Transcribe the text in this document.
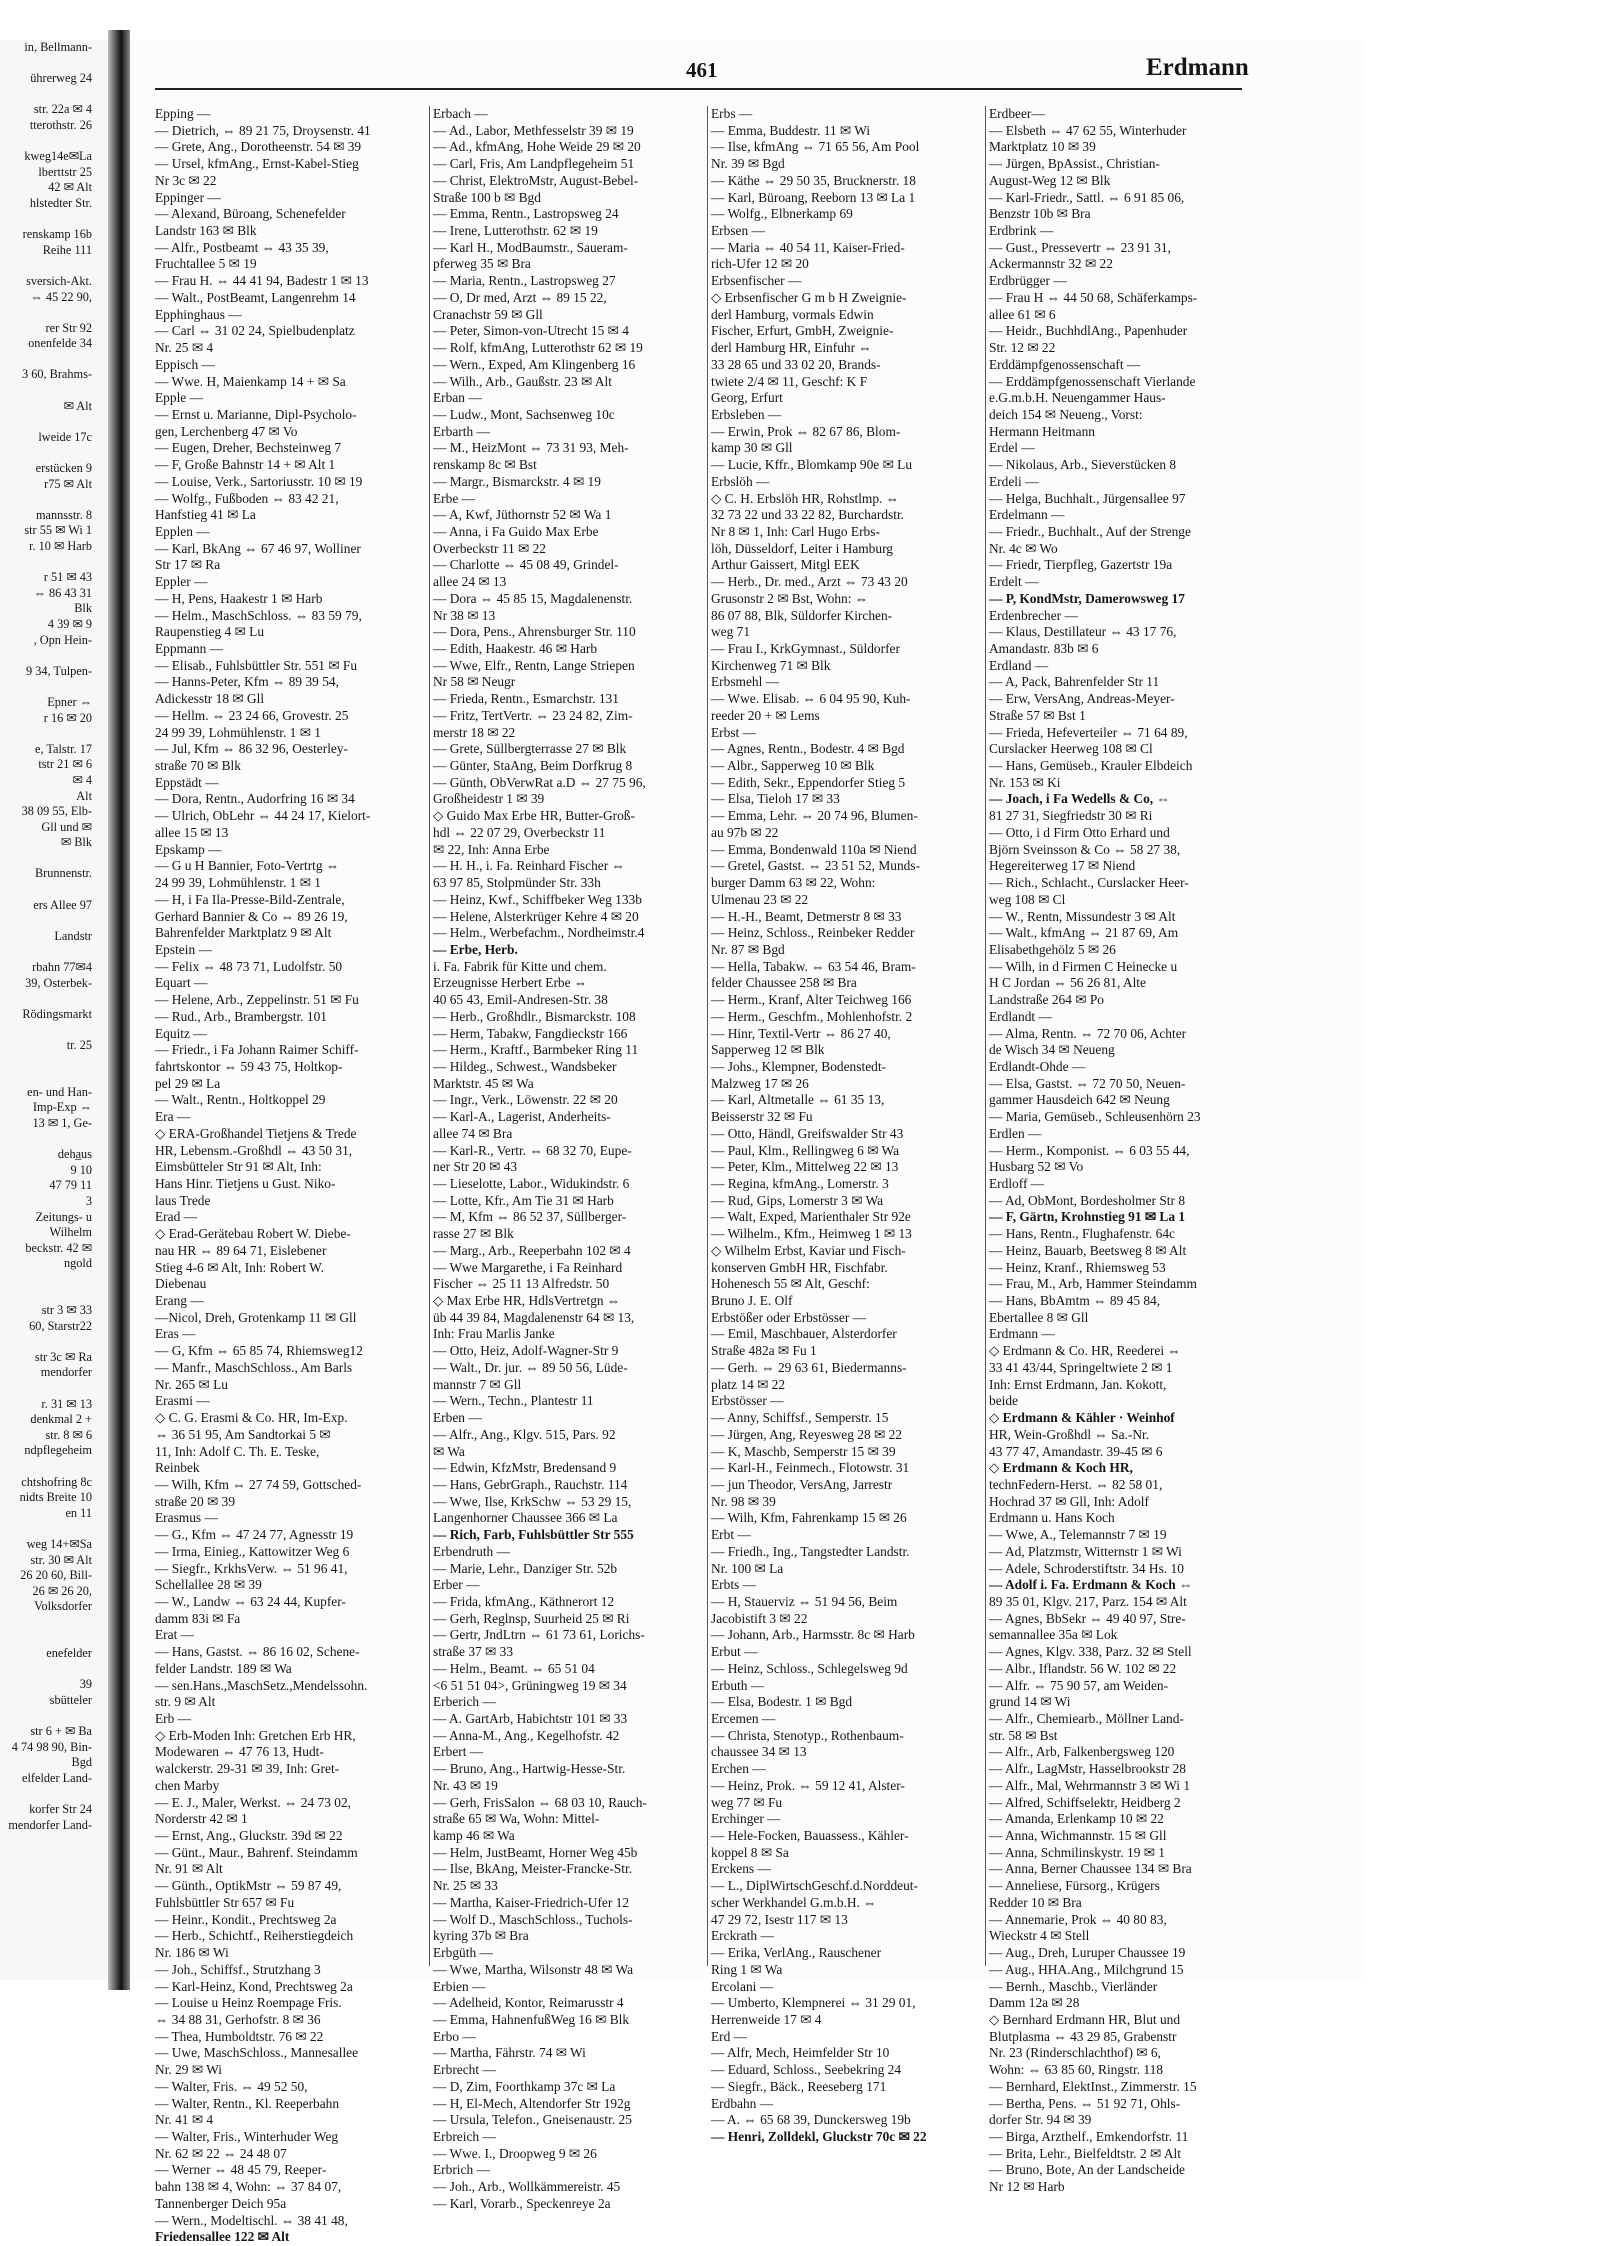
in, Bellmann-

ührerweg 24

str. 22a ✉ 4
tterothstr. 26

kweg14e✉La
lberttstr 25
42 ✉ Alt
hlstedter Str.

renskamp 16b
Reihe 111

sversich-Akt.
⇔ 45 22 90,

rer Str 92
onenfelde 34

3 60, Brahms-

✉ Alt

lweide 17c

erstücken 9
r75 ✉ Alt

mannsstr. 8
str 55 ✉ Wi 1
r. 10 ✉ Harb

r 51 ✉ 43
⇔ 86 43 31
Blk
4 39 ✉ 9
, Opn Hein-

9 34, Tulpen-

Epner ⇔
r 16 ✉ 20

e, Talstr. 17
tstr 21 ✉ 6
✉ 4
Alt
38 09 55, Elb-
Gll und ✉
✉ Blk

Brunnenstr.

ers Allee 97

Landstr

rbahn 77✉4
39, Osterbek-

Rödingsmarkt

tr. 25

en- und Han-
Imp-Exp ⇔
13 ✉ 1, Ge-

deha̲us
9 10
47 79 11
3
Zeitungs- u
Wilhelm
beckstr. 42 ✉
ngold

str 3 ✉ 33
60, Starstr22

str 3c ✉ Ra
mendorfer

r. 31 ✉ 13
denkmal 2 +
str. 8 ✉ 6
ndpflegeheim

chtshofring 8c
nidts Breite 10
en 11

weg 14+✉Sa
str. 30 ✉ Alt
26 20 60, Bill-
26 ✉ 26 20,
Volksdorfer

enefelder

39
sbütteler

str 6 + ✉ Ba
4 74 98 90, Bin-
Bgd
elfelder Land-

korfer Str 24
mendorfer Land-
461	Erdmann
Epping —
— Dietrich, ⇔ 89 21 75, Droysenstr. 41
— Grete, Ang., Dorotheenstr. 54 ✉ 39
— Ursel, kfmAng., Ernst-Kabel-Stieg
Nr 3c ✉ 22
Eppinger —
— Alexand, Büroang, Schenefelder
Landstr 163 ✉ Blk
— Alfr., Postbeamt ⇔ 43 35 39,
Fruchtallee 5 ✉ 19
— Frau H. ⇔ 44 41 94, Badestr 1 ✉ 13
— Walt., PostBeamt, Langenrehm 14
Epphinghaus —
— Carl ⇔ 31 02 24, Spielbudenplatz
Nr. 25 ✉ 4
Eppisch —
— Wwe. H, Maienkamp 14 + ✉ Sa
Epple —
— Ernst u. Marianne, Dipl-Psycholo-
gen, Lerchenberg 47 ✉ Vo
— Eugen, Dreher, Bechsteinweg 7
— F, Große Bahnstr 14 + ✉ Alt 1
— Louise, Verk., Sartoriusstr. 10 ✉ 19
— Wolfg., Fußboden ⇔ 83 42 21,
Hanfstieg 41 ✉ La
Epplen —
— Karl, BkAng ⇔ 67 46 97, Wolliner
Str 17 ✉ Ra
Eppler —
— H, Pens, Haakestr 1 ✉ Harb
— Helm., MaschSchloss. ⇔ 83 59 79,
Raupenstieg 4 ✉ Lu
Eppmann —
— Elisab., Fuhlsbüttler Str. 551 ✉ Fu
— Hanns-Peter, Kfm ⇔ 89 39 54,
Adickesstr 18 ✉ Gll
— Hellm. ⇔ 23 24 66, Grovestr. 25
24 99 39, Lohmühlenstr. 1 ✉ 1
— Jul, Kfm ⇔ 86 32 96, Oesterley-
straße 70 ✉ Blk
Eppstädt —
— Dora, Rentn., Audorfring 16 ✉ 34
— Ulrich, ObLehr ⇔ 44 24 17, Kielort-
allee 15 ✉ 13
Epskamp —
— G u H Bannier, Foto-Vertrtg ⇔
24 99 39, Lohmühlenstr. 1 ✉ 1
— H, i Fa Ila-Presse-Bild-Zentrale,
Gerhard Bannier & Co ⇔ 89 26 19,
Bahrenfelder Marktplatz 9 ✉ Alt
Epstein —
— Felix ⇔ 48 73 71, Ludolfstr. 50
Equart —
— Helene, Arb., Zeppelinstr. 51 ✉ Fu
— Rud., Arb., Brambergstr. 101
Equitz —
— Friedr., i Fa Johann Raimer Schiff-
fahrtskontor ⇔ 59 43 75, Holtkop-
pel 29 ✉ La
— Walt., Rentn., Holtkoppel 29
Era —
◇ ERA-Großhandel Tietjens & Trede
HR, Lebensm.-Großhdl ⇔ 43 50 31,
Eimsbütteler Str 91 ✉ Alt, Inh:
Hans Hinr. Tietjens u Gust. Niko-
laus Trede
Erad —
◇ Erad-Gerätebau Robert W. Diebe-
nau HR ⇔ 89 64 71, Eislebener
Stieg 4-6 ✉ Alt, Inh: Robert W.
Diebenau
Erang —
—Nicol, Dreh, Grotenkamp 11 ✉ Gll
Eras —
— G, Kfm ⇔ 65 85 74, Rhiemsweg12
— Manfr., MaschSchloss., Am Barls
Nr. 265 ✉ Lu
Erasmi —
◇ C. G. Erasmi & Co. HR, Im-Exp.
⇔ 36 51 95, Am Sandtorkai 5 ✉
11, Inh: Adolf C. Th. E. Teske,
Reinbek
— Wilh, Kfm ⇔ 27 74 59, Gottsched-
straße 20 ✉ 39
Erasmus —
— G., Kfm ⇔ 47 24 77, Agnesstr 19
— Irma, Einieg., Kattowitzer Weg 6
— Siegfr., KrkhsVerw. ⇔ 51 96 41,
Schellallee 28 ✉ 39
— W., Landw ⇔ 63 24 44, Kupfer-
damm 83i ✉ Fa
Erat —
— Hans, Gastst. ⇔ 86 16 02, Schene-
felder Landstr. 189 ✉ Wa
— sen.Hans.,MaschSetz.,Mendelssohn.
str. 9 ✉ Alt
Erb —
◇ Erb-Moden Inh: Gretchen Erb HR,
Modewaren ⇔ 47 76 13, Hudt-
walckerstr. 29-31 ✉ 39, Inh: Gret-
chen Marby
— E. J., Maler, Werkst. ⇔ 24 73 02,
Norderstr 42 ✉ 1
— Ernst, Ang., Gluckstr. 39d ✉ 22
— Günt., Maur., Bahrenf. Steindamm
Nr. 91 ✉ Alt
— Günth., OptikMstr ⇔ 59 87 49,
Fuhlsbüttler Str 657 ✉ Fu
— Heinr., Kondit., Prechtsweg 2a
— Herb., Schichtf., Reiherstiegdeich
Nr. 186 ✉ Wi
— Joh., Schiffsf., Strutzhang 3
— Karl-Heinz, Kond, Prechtsweg 2a
— Louise u Heinz Roempage Fris.
⇔ 34 88 31, Gerhofstr. 8 ✉ 36
— Thea, Humboldtstr. 76 ✉ 22
— Uwe, MaschSchloss., Mannesallee
Nr. 29 ✉ Wi
— Walter, Fris. ⇔ 49 52 50,
— Walter, Rentn., Kl. Reeperbahn
Nr. 41 ✉ 4
— Walter, Fris., Winterhuder Weg
Nr. 62 ✉ 22 ⇔ 24 48 07
— Werner ⇔ 48 45 79, Reeper-
bahn 138 ✉ 4, Wohn: ⇔ 37 84 07,
Tannenberger Deich 95a
— Wern., Modeltischl. ⇔ 38 41 48,
Friedensallee 122 ✉ Alt
Erbach —
— Ad., Labor, Methfesselstr 39 ✉ 19
— Ad., kfmAng, Hohe Weide 29 ✉ 20
— Carl, Fris, Am Landpflegeheim 51
— Christ, ElektroMstr, August-Bebel-
Straße 100 b ✉ Bgd
— Emma, Rentn., Lastropsweg 24
— Irene, Lutterothstr. 62 ✉ 19
— Karl H., ModBaumstr., Saueram-
pferweg 35 ✉ Bra
— Maria, Rentn., Lastropsweg 27
— O, Dr med, Arzt ⇔ 89 15 22,
Cranachstr 59 ✉ Gll
— Peter, Simon-von-Utrecht 15 ✉ 4
— Rolf, kfmAng, Lutterothstr 62 ✉ 19
— Wern., Exped, Am Klingenberg 16
— Wilh., Arb., Gaußstr. 23 ✉ Alt
Erban —
— Ludw., Mont, Sachsenweg 10c
Erbarth —
— M., HeizMont ⇔ 73 31 93, Meh-
renskamp 8c ✉ Bst
— Margr., Bismarckstr. 4 ✉ 19
Erbe —
— A, Kwf, Jüthornstr 52 ✉ Wa 1
— Anna, i Fa Guido Max Erbe
Overbeckstr 11 ✉ 22
— Charlotte ⇔ 45 08 49, Grindel-
allee 24 ✉ 13
— Dora ⇔ 45 85 15, Magdalenenstr.
Nr 38 ✉ 13
— Dora, Pens., Ahrensburger Str. 110
— Edith, Haakestr. 46 ✉ Harb
— Wwe, Elfr., Rentn, Lange Striepen
Nr 58 ✉ Neugr
— Frieda, Rentn., Esmarchstr. 131
— Fritz, TertVertr. ⇔ 23 24 82, Zim-
merstr 18 ✉ 22
— Grete, Süllbergterrasse 27 ✉ Blk
— Günter, StaAng, Beim Dorfkrug 8
— Günth, ObVerwRat a.D ⇔ 27 75 96,
Großheidestr 1 ✉ 39
◇ Guido Max Erbe HR, Butter-Groß-
hdl ⇔ 22 07 29, Overbeckstr 11
✉ 22, Inh: Anna Erbe
— H. H., i. Fa. Reinhard Fischer ⇔
63 97 85, Stolpmünder Str. 33h
— Heinz, Kwf., Schiffbeker Weg 133b
— Helene, Alsterkrüger Kehre 4 ✉ 20
— Helm., Werbefachm., Nordheimstr.4
— Erbe, Herb.
i. Fa. Fabrik für Kitte und chem.
Erzeugnisse Herbert Erbe ⇔
40 65 43, Emil-Andresen-Str. 38
— Herb., Großhdlr., Bismarckstr. 108
— Herm, Tabakw, Fangdieckstr 166
— Herm., Kraftf., Barmbeker Ring 11
— Hildeg., Schwest., Wandsbeker
Marktstr. 45 ✉ Wa
— Ingr., Verk., Löwenstr. 22 ✉ 20
— Karl-A., Lagerist, Anderheits-
allee 74 ✉ Bra
— Karl-R., Vertr. ⇔ 68 32 70, Eupe-
ner Str 20 ✉ 43
— Lieselotte, Labor., Widukindstr. 6
— Lotte, Kfr., Am Tie 31 ✉ Harb
— M, Kfm ⇔ 86 52 37, Süllberger-
rasse 27 ✉ Blk
— Marg., Arb., Reeperbahn 102 ✉ 4
— Wwe Margarethe, i Fa Reinhard
Fischer ⇔ 25 11 13 Alfredstr. 50
◇ Max Erbe HR, HdlsVertretgn ⇔
üb 44 39 84, Magdalenenstr 64 ✉ 13,
Inh: Frau Marlis Janke
— Otto, Heiz, Adolf-Wagner-Str 9
— Walt., Dr. jur. ⇔ 89 50 56, Lüde-
mannstr 7 ✉ Gll
— Wern., Techn., Plantestr 11
Erben —
— Alfr., Ang., Klgv. 515, Pars. 92
✉ Wa
— Edwin, KfzMstr, Bredensand 9
— Hans, GebrGraph., Rauchstr. 114
— Wwe, Ilse, KrkSchw ⇔ 53 29 15,
Langenhorner Chaussee 366 ✉ La
— Rich, Farb, Fuhlsbüttler Str 555
Erbendruth —
— Marie, Lehr., Danziger Str. 52b
Erber —
— Frida, kfmAng., Käthnerort 12
— Gerh, Reglnsp, Suurheid 25 ✉ Ri
— Gertr, JndLtrn ⇔ 61 73 61, Lorichs-
straße 37 ✉ 33
— Helm., Beamt. ⇔ 65 51 04
<6 51 51 04>, Grüningweg 19 ✉ 34
Erberich —
— A. GartArb, Habichtstr 101 ✉ 33
— Anna-M., Ang., Kegelhofstr. 42
Erbert —
— Bruno, Ang., Hartwig-Hesse-Str.
Nr. 43 ✉ 19
— Gerh, FrisSalon ⇔ 68 03 10, Rauch-
straße 65 ✉ Wa, Wohn: Mittel-
kamp 46 ✉ Wa
— Helm, JustBeamt, Horner Weg 45b
— Ilse, BkAng, Meister-Francke-Str.
Nr. 25 ✉ 33
— Martha, Kaiser-Friedrich-Ufer 12
— Wolf D., MaschSchloss., Tuchols-
kyring 37b ✉ Bra
Erbgüth —
— Wwe, Martha, Wilsonstr 48 ✉ Wa
Erbien —
— Adelheid, Kontor, Reimarusstr 4
— Emma, HahnenfußWeg 16 ✉ Blk
Erbo —
— Martha, Fährstr. 74 ✉ Wi
Erbrecht —
— D, Zim, Foorthkamp 37c ✉ La
— H, El-Mech, Altendorfer Str 192g
— Ursula, Telefon., Gneisenaustr. 25
Erbreich —
— Wwe. I., Droopweg 9 ✉ 26
Erbrich —
— Joh., Arb., Wollkämmereistr. 45
— Karl, Vorarb., Speckenreye 2a
Erbs —
— Emma, Buddestr. 11 ✉ Wi
— Ilse, kfmAng ⇔ 71 65 56, Am Pool
Nr. 39 ✉ Bgd
— Käthe ⇔ 29 50 35, Brucknerstr. 18
— Karl, Büroang, Reeborn 13 ✉ La 1
— Wolfg., Elbnerkamp 69
Erbsen —
— Maria ⇔ 40 54 11, Kaiser-Fried-
rich-Ufer 12 ✉ 20
Erbsenfischer —
◇ Erbsenfischer G m b H Zweignie-
derl Hamburg, vormals Edwin
Fischer, Erfurt, GmbH, Zweignie-
derl Hamburg HR, Einfuhr ⇔
33 28 65 und 33 02 20, Brands-
twiete 2/4 ✉ 11, Geschf: K F
Georg, Erfurt
Erbsleben —
— Erwin, Prok ⇔ 82 67 86, Blom-
kamp 30 ✉ Gll
— Lucie, Kffr., Blomkamp 90e ✉ Lu
Erbslöh —
◇ C. H. Erbslöh HR, Rohstlmp. ⇔
32 73 22 und 33 22 82, Burchardstr.
Nr 8 ✉ 1, Inh: Carl Hugo Erbs-
löh, Düsseldorf, Leiter i Hamburg
Arthur Gaissert, Mitgl EEK
— Herb., Dr. med., Arzt ⇔ 73 43 20
Grusonstr 2 ✉ Bst, Wohn: ⇔
86 07 88, Blk, Süldorfer Kirchen-
weg 71
— Frau I., KrkGymnast., Süldorfer
Kirchenweg 71 ✉ Blk
Erbsmehl —
— Wwe. Elisab. ⇔ 6 04 95 90, Kuh-
reeder 20 + ✉ Lems
Erbst —
— Agnes, Rentn., Bodestr. 4 ✉ Bgd
— Albr., Sapperweg 10 ✉ Blk
— Edith, Sekr., Eppendorfer Stieg 5
— Elsa, Tieloh 17 ✉ 33
— Emma, Lehr. ⇔ 20 74 96, Blumen-
au 97b ✉ 22
— Emma, Bondenwald 110a ✉ Niend
— Gretel, Gastst. ⇔ 23 51 52, Munds-
burger Damm 63 ✉ 22, Wohn:
Ulmenau 23 ✉ 22
— H.-H., Beamt, Detmerstr 8 ✉ 33
— Heinz, Schloss., Reinbeker Redder
Nr. 87 ✉ Bgd
— Hella, Tabakw. ⇔ 63 54 46, Bram-
felder Chaussee 258 ✉ Bra
— Herm., Kranf, Alter Teichweg 166
— Herm., Geschfm., Mohlenhofstr. 2
— Hinr, Textil-Vertr ⇔ 86 27 40,
Sapperweg 12 ✉ Blk
— Johs., Klempner, Bodenstedt-
Malzweg 17 ✉ 26
— Karl, Altmetalle ⇔ 61 35 13,
Beisserstr 32 ✉ Fu
— Otto, Händl, Greifswalder Str 43
— Paul, Klm., Rellingweg 6 ✉ Wa
— Peter, Klm., Mittelweg 22 ✉ 13
— Regina, kfmAng., Lomerstr. 3
— Rud, Gips, Lomerstr 3 ✉ Wa
— Walt, Exped, Marienthaler Str 92e
— Wilhelm., Kfm., Heimweg 1 ✉ 13
◇ Wilhelm Erbst, Kaviar und Fisch-
konserven GmbH HR, Fischfabr.
Hohenesch 55 ✉ Alt, Geschf:
Bruno J. E. Olf
Erbstößer oder Erbstösser —
— Emil, Maschbauer, Alsterdorfer
Straße 482a ✉ Fu 1
— Gerh. ⇔ 29 63 61, Biedermanns-
platz 14 ✉ 22
Erbstösser —
— Anny, Schiffsf., Semperstr. 15
— Jürgen, Ang, Reyesweg 28 ✉ 22
— K, Maschb, Semperstr 15 ✉ 39
— Karl-H., Feinmech., Flotowstr. 31
— jun Theodor, VersAng, Jarrestr
Nr. 98 ✉ 39
— Wilh, Kfm, Fahrenkamp 15 ✉ 26
Erbt —
— Friedh., Ing., Tangstedter Landstr.
Nr. 100 ✉ La
Erbts —
— H, Stauerviz ⇔ 51 94 56, Beim
Jacobistift 3 ✉ 22
— Johann, Arb., Harmsstr. 8c ✉ Harb
Erbut —
— Heinz, Schloss., Schlegelsweg 9d
Erbuth —
— Elsa, Bodestr. 1 ✉ Bgd
Ercemen —
— Christa, Stenotyp., Rothenbaum-
chaussee 34 ✉ 13
Erchen —
— Heinz, Prok. ⇔ 59 12 41, Alster-
weg 77 ✉ Fu
Erchinger —
— Hele-Focken, Bauassess., Kähler-
koppel 8 ✉ Sa
Erckens —
— L., DiplWirtschGeschf.d.Norddeut-
scher Werkhandel G.m.b.H. ⇔
47 29 72, Isestr 117 ✉ 13
Erckrath —
— Erika, VerlAng., Rauschener
Ring 1 ✉ Wa
Ercolani —
— Umberto, Klempnerei ⇔ 31 29 01,
Herrenweide 17 ✉ 4
Erd —
— Alfr, Mech, Heimfelder Str 10
— Eduard, Schloss., Seebekring 24
— Siegfr., Bäck., Reeseberg 171
Erdbahn —
— A. ⇔ 65 68 39, Dunckersweg 19b
— Henri, Zolldekl, Gluckstr 70c ✉ 22
Erdbeer—
— Elsbeth ⇔ 47 62 55, Winterhuder
Marktplatz 10 ✉ 39
— Jürgen, BpAssist., Christian-
August-Weg 12 ✉ Blk
— Karl-Friedr., Sattl. ⇔ 6 91 85 06,
Benzstr 10b ✉ Bra
Erdbrink —
— Gust., Pressevertr ⇔ 23 91 31,
Ackermannstr 32 ✉ 22
Erdbrügger —
— Frau H ⇔ 44 50 68, Schäferkamps-
allee 61 ✉ 6
— Heidr., BuchhdlAng., Papenhuder
Str. 12 ✉ 22
Erddämpfgenossenschaft —
— Erddämpfgenossenschaft Vierlande
e.G.m.b.H. Neuengammer Haus-
deich 154 ✉ Neueng., Vorst:
Hermann Heitmann
Erdel —
— Nikolaus, Arb., Sieverstücken 8
Erdeli —
— Helga, Buchhalt., Jürgensallee 97
Erdelmann —
— Friedr., Buchhalt., Auf der Strenge
Nr. 4c ✉ Wo
— Friedr, Tierpfleg, Gazertstr 19a
Erdelt —
— P, KondMstr, Damerowsweg 17
Erdenbrecher —
— Klaus, Destillateur ⇔ 43 17 76,
Amandastr. 83b ✉ 6
Erdland —
— A, Pack, Bahrenfelder Str 11
— Erw, VersAng, Andreas-Meyer-
Straße 57 ✉ Bst 1
— Frieda, Hefeverteiler ⇔ 71 64 89,
Curslacker Heerweg 108 ✉ Cl
— Hans, Gemüseb., Krauler Elbdeich
Nr. 153 ✉ Ki
— Joach, i Fa Wedells & Co, ⇔
81 27 31, Siegfriedstr 30 ✉ Ri
— Otto, i d Firm Otto Erhard und
Björn Sveinsson & Co ⇔ 58 27 38,
Hegereiterweg 17 ✉ Niend
— Rich., Schlacht., Curslacker Heer-
weg 108 ✉ Cl
— W., Rentn, Missundestr 3 ✉ Alt
— Walt., kfmAng ⇔ 21 87 69, Am
Elisabethgehölz 5 ✉ 26
— Wilh, in d Firmen C Heinecke u
H C Jordan ⇔ 56 26 81, Alte
Landstraße 264 ✉ Po
Erdlandt —
— Alma, Rentn. ⇔ 72 70 06, Achter
de Wisch 34 ✉ Neueng
Erdlandt-Ohde —
— Elsa, Gastst. ⇔ 72 70 50, Neuen-
gammer Hausdeich 642 ✉ Neung
— Maria, Gemüseb., Schleusenhörn 23
Erdlen —
— Herm., Komponist. ⇔ 6 03 55 44,
Husbarg 52 ✉ Vo
Erdloff —
— Ad, ObMont, Bordesholmer Str 8
— F, Gärtn, Krohnstieg 91 ✉ La 1
— Hans, Rentn., Flughafenstr. 64c
— Heinz, Bauarb, Beetsweg 8 ✉ Alt
— Heinz, Kranf., Rhiemsweg 53
— Frau, M., Arb, Hammer Steindamm
— Hans, BbAmtm ⇔ 89 45 84,
Ebertallee 8 ✉ Gll
Erdmann —
◇ Erdmann & Co. HR, Reederei ⇔
33 41 43/44, Springeltwiete 2 ✉ 1
Inh: Ernst Erdmann, Jan. Kokott,
beide
◇ Erdmann & Kähler · Weinhof
HR, Wein-Großhdl ⇔ Sa.-Nr.
43 77 47, Amandastr. 39-45 ✉ 6
◇ Erdmann & Koch HR,
technFedern-Herst. ⇔ 82 58 01,
Hochrad 37 ✉ Gll, Inh: Adolf
Erdmann u. Hans Koch
— Wwe, A., Telemannstr 7 ✉ 19
— Ad, Platzmstr, Witternstr 1 ✉ Wi
— Adele, Schroderstiftstr. 34 Hs. 10
— Adolf i. Fa. Erdmann & Koch ⇔
89 35 01, Klgv. 217, Parz. 154 ✉ Alt
— Agnes, BbSekr ⇔ 49 40 97, Stre-
semannallee 35a ✉ Lok
— Agnes, Klgv. 338, Parz. 32 ✉ Stell
— Albr., Iflandstr. 56 W. 102 ✉ 22
— Alfr. ⇔ 75 90 57, am Weiden-
grund 14 ✉ Wi
— Alfr., Chemiearb., Möllner Land-
str. 58 ✉ Bst
— Alfr., Arb, Falkenbergsweg 120
— Alfr., LagMstr, Hasselbrookstr 28
— Alfr., Mal, Wehrmannstr 3 ✉ Wi 1
— Alfred, Schiffselektr, Heidberg 2
— Amanda, Erlenkamp 10 ✉ 22
— Anna, Wichmannstr. 15 ✉ Gll
— Anna, Schmilinskystr. 19 ✉ 1
— Anna, Berner Chaussee 134 ✉ Bra
— Anneliese, Fürsorg., Krügers
Redder 10 ✉ Bra
— Annemarie, Prok ⇔ 40 80 83,
Wieckstr 4 ✉ Stell
— Aug., Dreh, Luruper Chaussee 19
— Aug., HHA.Ang., Milchgrund 15
— Bernh., Maschb., Vierländer
Damm 12a ✉ 28
◇ Bernhard Erdmann HR, Blut und
Blutplasma ⇔ 43 29 85, Grabenstr
Nr. 23 (Rinderschlachthof) ✉ 6,
Wohn: ⇔ 63 85 60, Ringstr. 118
— Bernhard, ElektInst., Zimmerstr. 15
— Bertha, Pens. ⇔ 51 92 71, Ohls-
dorfer Str. 94 ✉ 39
— Birga, Arzthelf., Emkendorfstr. 11
— Brita, Lehr., Bielfeldtstr. 2 ✉ Alt
— Bruno, Bote, An der Landscheide
Nr 12 ✉ Harb
